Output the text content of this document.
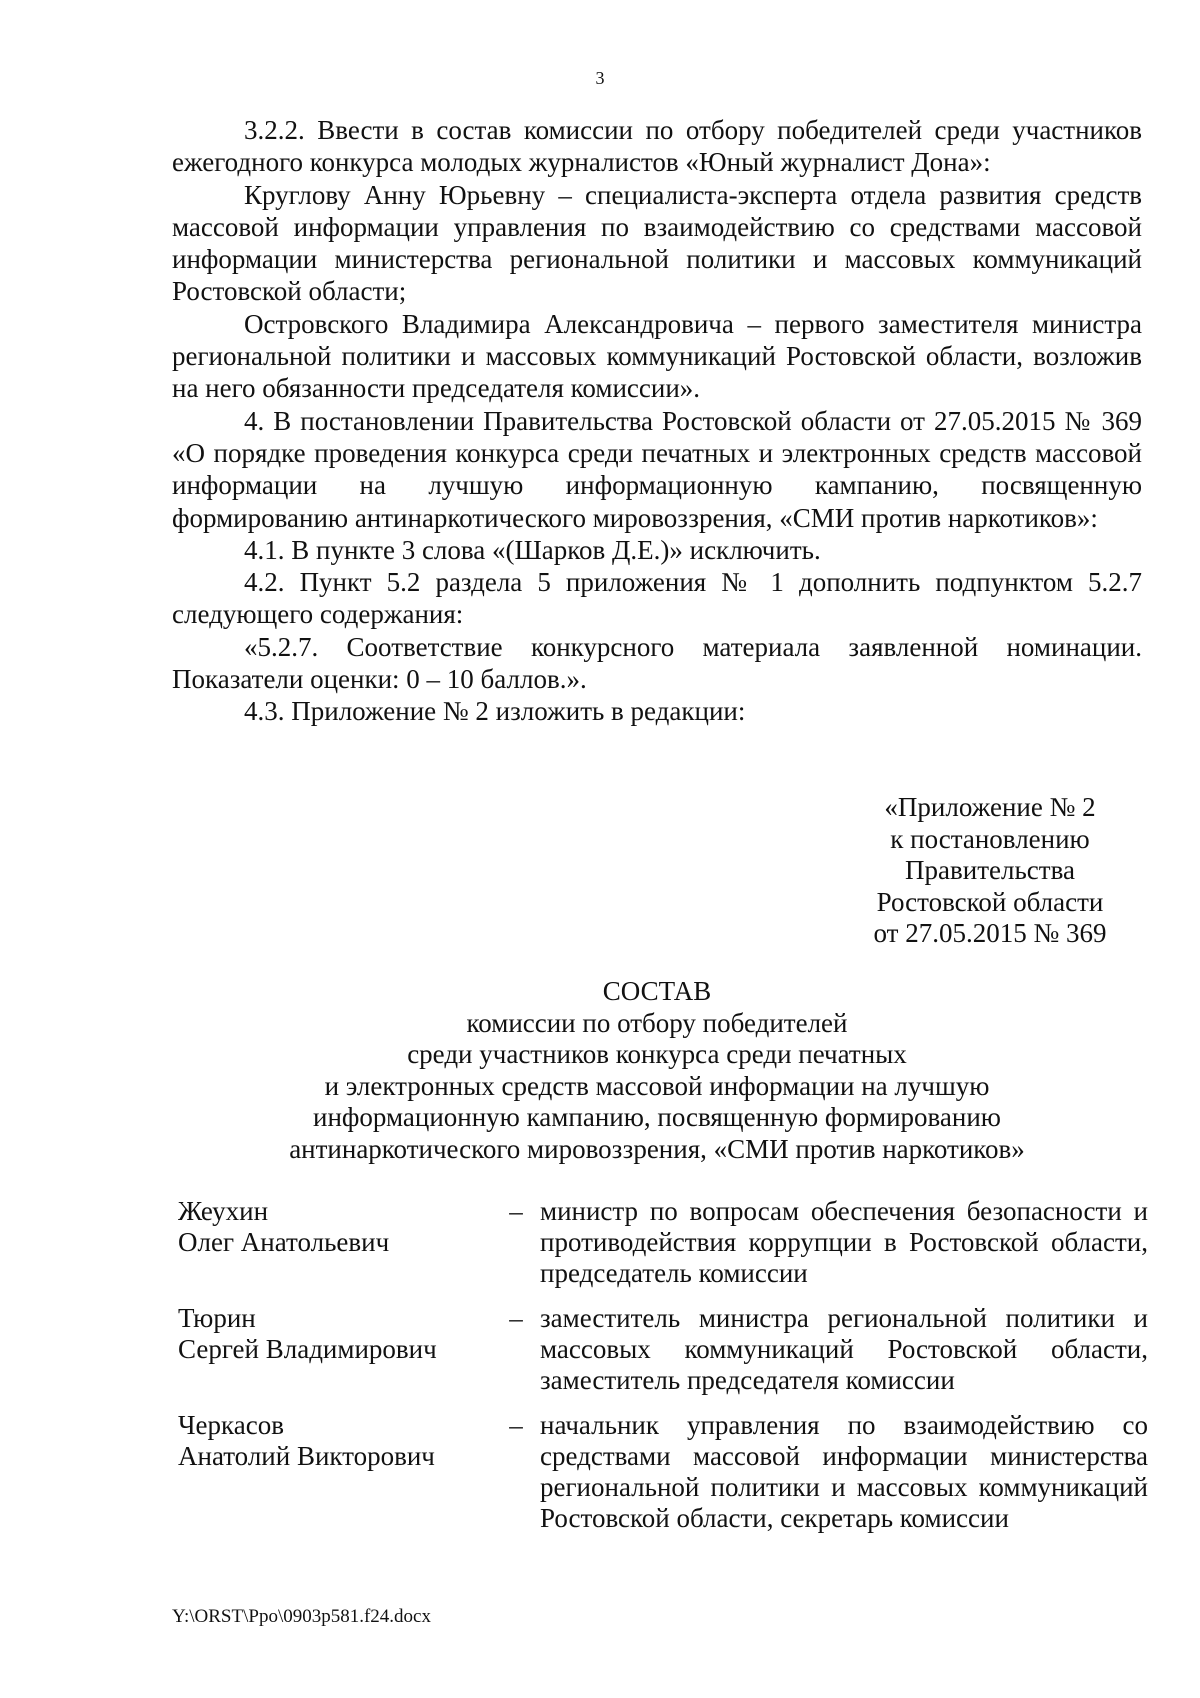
3

3.2.2. Ввести в состав комиссии по отбору победителей среди участников ежегодного конкурса молодых журналистов «Юный журналист Дона»:

Круглову Анну Юрьевну – специалиста-эксперта отдела развития средств массовой информации управления по взаимодействию со средствами массовой информации министерства региональной политики и массовых коммуникаций Ростовской области;

Островского Владимира Александровича – первого заместителя министра региональной политики и массовых коммуникаций Ростовской области, возложив на него обязанности председателя комиссии».

4. В постановлении Правительства Ростовской области от 27.05.2015 № 369 «О порядке проведения конкурса среди печатных и электронных средств массовой информации на лучшую информационную кампанию, посвященную формированию антинаркотического мировоззрения, «СМИ против наркотиков»:

4.1. В пункте 3 слова «(Шарков Д.Е.)» исключить.

4.2. Пункт 5.2 раздела 5 приложения № 1 дополнить подпунктом 5.2.7 следующего содержания:

«5.2.7. Соответствие конкурсного материала заявленной номинации. Показатели оценки: 0 – 10 баллов.».

4.3. Приложение № 2 изложить в редакции:

«Приложение № 2
к постановлению
Правительства
Ростовской области
от 27.05.2015 № 369
СОСТАВ
комиссии по отбору победителей
среди участников конкурса среди печатных
и электронных средств массовой информации на лучшую
информационную кампанию, посвященную формированию
антинаркотического мировоззрения, «СМИ против наркотиков»
Жеухин
Олег Анатольевич
– министр по вопросам обеспечения безопасности и противодействия коррупции в Ростовской области, председатель комиссии
Тюрин
Сергей Владимирович
– заместитель министра региональной политики и массовых коммуникаций Ростовской области, заместитель председателя комиссии
Черкасов
Анатолий Викторович
– начальник управления по взаимодействию со средствами массовой информации министерства региональной политики и массовых коммуникаций Ростовской области, секретарь комиссии
Y:\ORST\Ppo\0903p581.f24.docx
